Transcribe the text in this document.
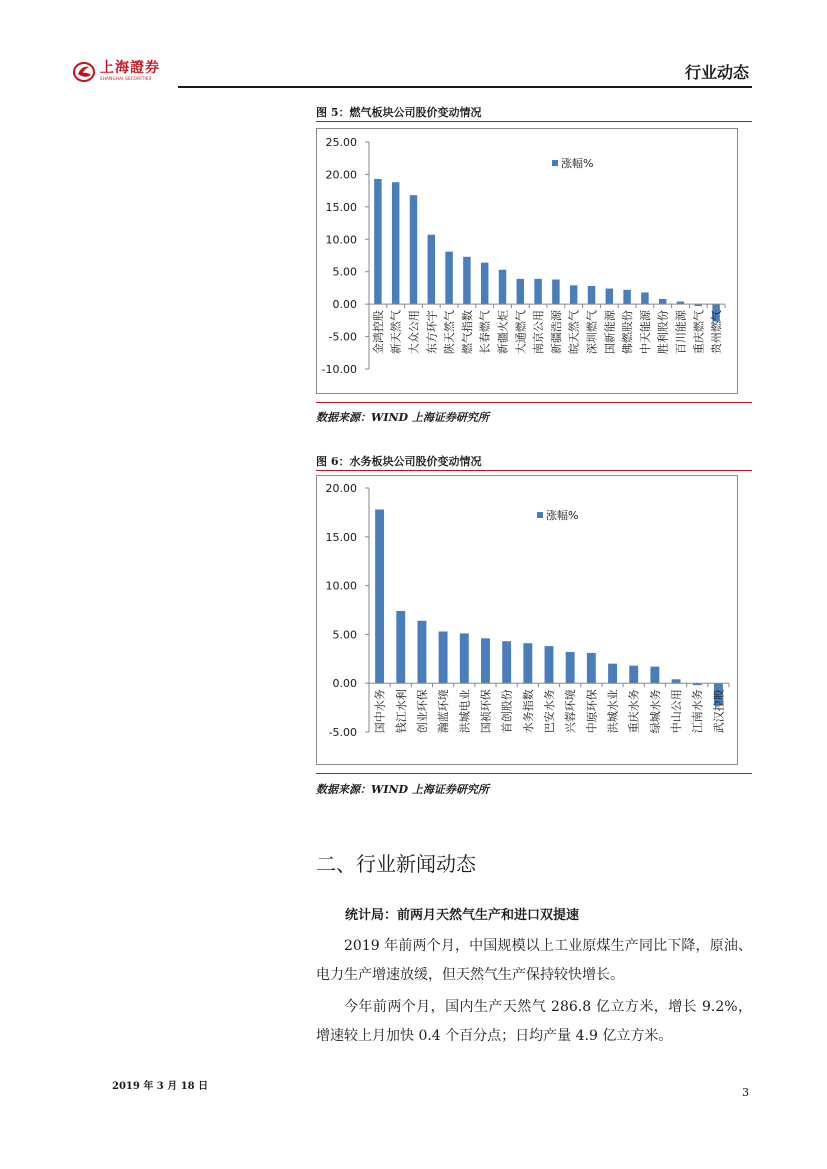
上海證券
SHANGHAI SECURITIES	行业动态
图 5：燃气板块公司股价变动情况
25.00
20.00
15.00
10.00
5.00
0.00
-5.00
-10.00
金鸿控股 新天然气 大众公用 东方环宇 陕天然气 燃气指数 长春燃气 新疆火炬 大通燃气 南京公用 新疆浩源 皖天然气 深圳燃气 国新能源 佛燃股份 中天能源 胜利股份 百川能源 重庆燃气 贵州燃气
涨幅%
数据来源：WIND 上海证券研究所
图 6：水务板块公司股价变动情况
20.00
15.00
10.00
5.00
0.00
-5.00 国中水务 钱江水利 创业环保 瀚蓝环境 洪城电业 国祯环保 首创股份 水务指数 巴安水务 兴蓉环境 中原环保 洪城水业 重庆水务 绿城水务 中山公用 江南水务 武汉控股
涨幅%
数据来源：WIND 上海证券研究所
二、行业新闻动态
统计局：前两月天然气生产和进口双提速
2019 年前两个月，中国规模以上工业原煤生产同比下降，原油、电力生产增速放缓，但天然气生产保持较快增长。
今年前两个月，国内生产天然气 286.8 亿立方米，增长 9.2%，增速较上月加快 0.4 个百分点；日均产量 4.9 亿立方米。
2019 年 3 月 18 日	3
